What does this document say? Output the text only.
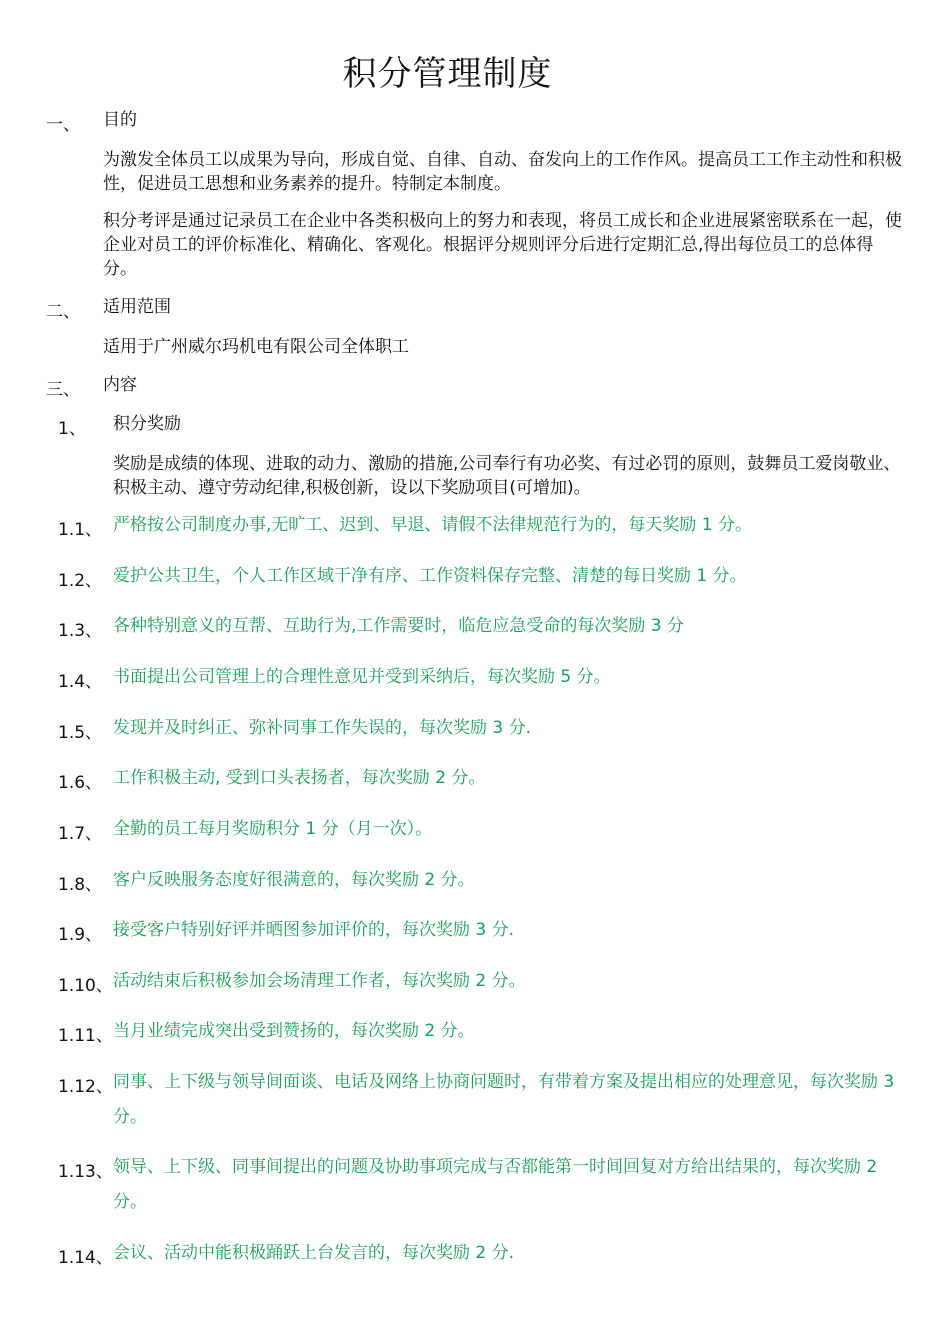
积分管理制度
一、 目的
为激发全体员工以成果为导向，形成自觉、自律、自动、奋发向上的工作作风。提高员工工作主动性和积极性，促进员工思想和业务素养的提升。特制定本制度。
积分考评是通过记录员工在企业中各类积极向上的努力和表现，将员工成长和企业进展紧密联系在一起，使企业对员工的评价标准化、精确化、客观化。根据评分规则评分后进行定期汇总,得出每位员工的总体得分。
二、 适用范围
适用于广州威尔玛机电有限公司全体职工
三、 内容
1、 积分奖励
奖励是成绩的体现、进取的动力、激励的措施,公司奉行有功必奖、有过必罚的原则，鼓舞员工爱岗敬业、积极主动、遵守劳动纪律,积极创新，设以下奖励项目(可增加)。
1.1、 严格按公司制度办事,无旷工、迟到、早退、请假不法律规范行为的，每天奖励 1 分。
1.2、 爱护公共卫生，个人工作区域干净有序、工作资料保存完整、清楚的每日奖励 1 分。
1.3、 各种特别意义的互帮、互助行为,工作需要时，临危应急受命的每次奖励 3 分
1.4、 书面提出公司管理上的合理性意见并受到采纳后，每次奖励 5 分。
1.5、 发现并及时纠正、弥补同事工作失误的，每次奖励 3 分.
1.6、 工作积极主动, 受到口头表扬者，每次奖励 2 分。
1.7、 全勤的员工每月奖励积分 1 分（月一次）。
1.8、 客户反映服务态度好很满意的，每次奖励 2 分。
1.9、 接受客户特别好评并晒图参加评价的，每次奖励 3 分.
1.10、 活动结束后积极参加会场清理工作者，每次奖励 2 分。
1.11、 当月业绩完成突出受到赞扬的，每次奖励 2 分。
1.12、 同事、上下级与领导间面谈、电话及网络上协商问题时，有带着方案及提出相应的处理意见，每次奖励 3 分。
1.13、 领导、上下级、同事间提出的问题及协助事项完成与否都能第一时间回复对方给出结果的，每次奖励 2 分。
1.14、 会议、活动中能积极踊跃上台发言的，每次奖励 2 分.
